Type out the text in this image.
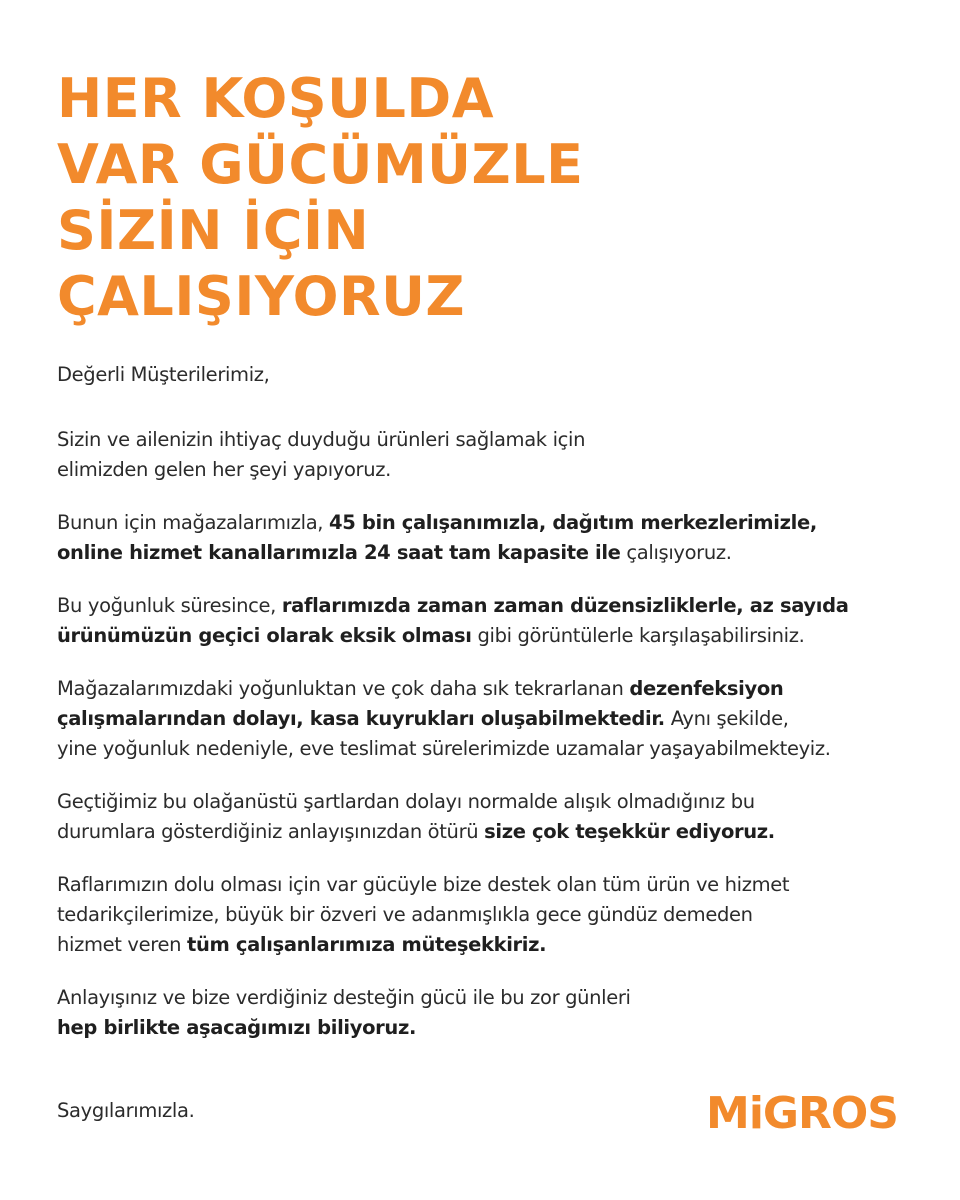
HER KOŞULDA
VAR GÜCÜMÜZLE
SİZİN İÇİN
ÇALIŞIYORUZ

Değerli Müşterilerimiz,

Sizin ve ailenizin ihtiyaç duyduğu ürünleri sağlamak için
elimizden gelen her şeyi yapıyoruz.

Bunun için mağazalarımızla, 45 bin çalışanımızla, dağıtım merkezlerimizle,
online hizmet kanallarımızla 24 saat tam kapasite ile çalışıyoruz.

Bu yoğunluk süresince, raflarımızda zaman zaman düzensizliklerle, az sayıda
ürünümüzün geçici olarak eksik olması gibi görüntülerle karşılaşabilirsiniz.

Mağazalarımızdaki yoğunluktan ve çok daha sık tekrarlanan dezenfeksiyon
çalışmalarından dolayı, kasa kuyrukları oluşabilmektedir. Aynı şekilde,
yine yoğunluk nedeniyle, eve teslimat sürelerimizde uzamalar yaşayabilmekteyiz.

Geçtiğimiz bu olağanüstü şartlardan dolayı normalde alışık olmadığınız bu
durumlara gösterdiğiniz anlayışınızdan ötürü size çok teşekkür ediyoruz.

Raflarımızın dolu olması için var gücüyle bize destek olan tüm ürün ve hizmet
tedarikçilerimize, büyük bir özveri ve adanmışlıkla gece gündüz demeden
hizmet veren tüm çalışanlarımıza müteşekkiriz.

Anlayışınız ve bize verdiğiniz desteğin gücü ile bu zor günleri
hep birlikte aşacağımızı biliyoruz.

Saygılarımızla.	MiGROS
